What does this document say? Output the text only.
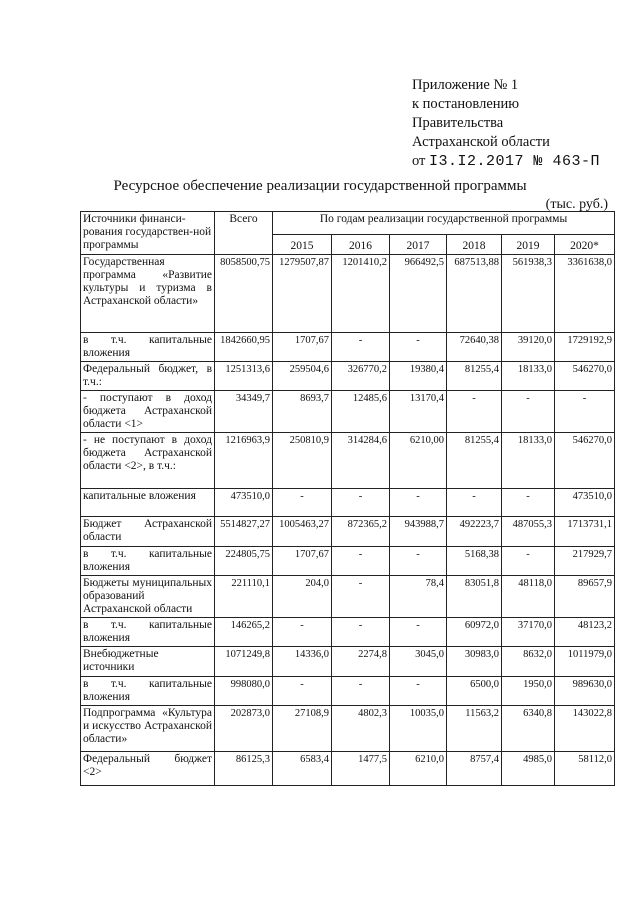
Приложение № 1
к постановлению
Правительства
Астраханской области
от I3.I2.2017 № 463-П
Ресурсное обеспечение реализации государственной программы
(тыс. руб.)
Источники финанси-рования государствен-ной программы	Всего	По годам реализации государственной программы					
		2015	2016	2017	2018	2019	2020*
Государственная программа «Развитие культуры и туризма в Астраханской области»	8058500,75	1279507,87	1201410,2	966492,5	687513,88	561938,3	3361638,0
в т.ч. капитальные вложения	1842660,95	1707,67	-	-	72640,38	39120,0	1729192,9
Федеральный бюджет, в т.ч.:	1251313,6	259504,6	326770,2	19380,4	81255,4	18133,0	546270,0
- поступают в доход бюджета Астраханской области <1>	34349,7	8693,7	12485,6	13170,4	-	-	-
- не поступают в доход бюджета Астраханской области <2>, в т.ч.:	1216963,9	250810,9	314284,6	6210,00	81255,4	18133,0	546270,0
капитальные вложения	473510,0	-	-	-	-	-	473510,0
Бюджет Астраханской области	5514827,27	1005463,27	872365,2	943988,7	492223,7	487055,3	1713731,1
в т.ч. капитальные вложения	224805,75	1707,67	-	-	5168,38	-	217929,7
Бюджеты муниципальных образований Астраханской области	221110,1	204,0	-	78,4	83051,8	48118,0	89657,9
в т.ч. капитальные вложения	146265,2	-	-	-	60972,0	37170,0	48123,2
Внебюджетные источники	1071249,8	14336,0	2274,8	3045,0	30983,0	8632,0	1011979,0
в т.ч. капитальные вложения	998080,0	-	-	-	6500,0	1950,0	989630,0
Подпрограмма «Культура и искусство Астраханской области»	202873,0	27108,9	4802,3	10035,0	11563,2	6340,8	143022,8
Федеральный бюджет <2>	86125,3	6583,4	1477,5	6210,0	8757,4	4985,0	58112,0
